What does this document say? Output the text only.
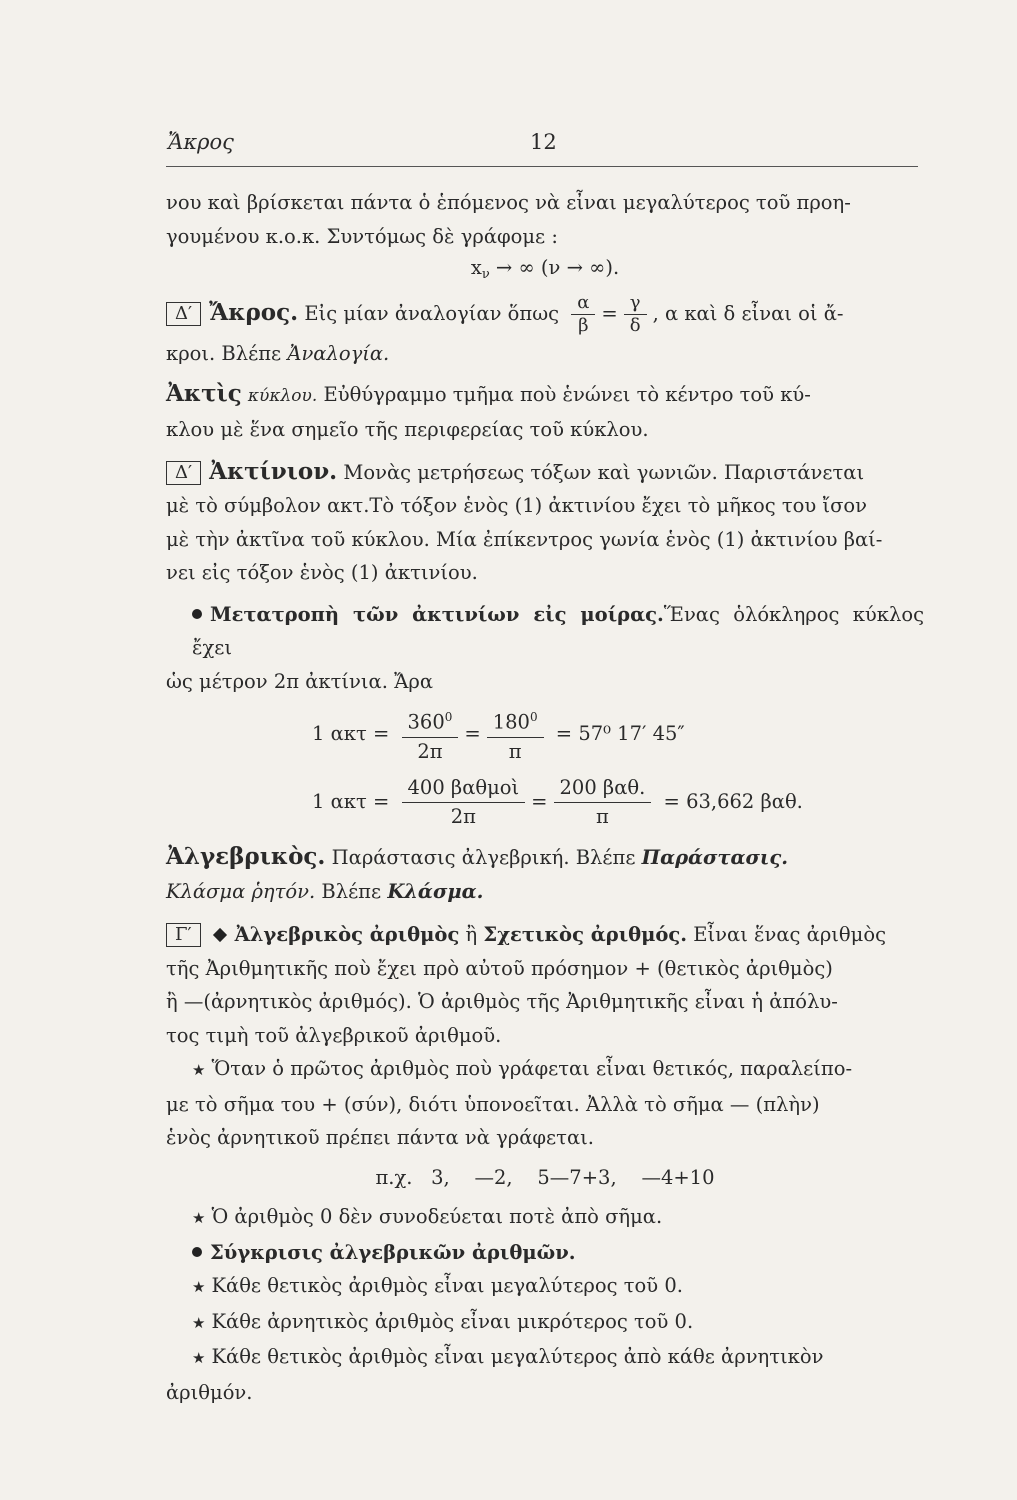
Ἄκρος	12

νου καὶ βρίσκεται πάντα ὁ ἑπόμενος νὰ εἶναι μεγαλύτερος τοῦ προη-

γουμένου κ.ο.κ. Συντόμως δὲ γράφομε :

$x_\nu$ → ∞ (ν → ∞).

Δ′ Ἄκρος. Εἰς μίαν ἀναλογίαν ὅπως $\frac{\alpha}{\beta} = \frac{\gamma}{\delta}$ , α καὶ δ εἶναι οἱ ἄ-

κροι. Βλέπε Ἀναλογία.

Ἀκτὶς κύκλου. Εὐθύγραμμο τμῆμα ποὺ ἑνώνει τὸ κέντρο τοῦ κύ-

κλου μὲ ἕνα σημεῖο τῆς περιφερείας τοῦ κύκλου.

Δ′ Ἀκτίνιον. Μονὰς μετρήσεως τόξων καὶ γωνιῶν. Παριστάνεται

μὲ τὸ σύμβολον ακτ.Τὸ τόξον ἑνὸς (1) ἀκτινίου ἔχει τὸ μῆκος του ἴσον

μὲ τὴν ἀκτῖνα τοῦ κύκλου. Μία ἐπίκεντρος γωνία ἑνὸς (1) ἀκτινίου βαί-

νει εἰς τόξον ἑνὸς (1) ἀκτινίου.

Μετατροπὴ τῶν ἀκτινίων εἰς μοίρας.Ἕνας ὁλόκληρος κύκλος ἔχει

ὡς μέτρον 2π ἀκτίνια. Ἄρα

1 $\alpha\kappa\tau = \frac{360^0}{2\pi} = \frac{180^0}{\pi} = 57^0$ 17′ 45″

1 $\alpha\kappa\tau = \frac{\text{400 βαθμοὶ}}{2\pi} = \frac{\text{200 βαθ.}}{\pi} = 63,662$ βαθ.

Ἀλγεβρικὸς. Παράστασις ἀλγεβρική. Βλέπε Παράστασις.

Κλάσμα ῥητόν. Βλέπε Κλάσμα.

Γ′ Ἀλγεβρικὸς ἀριθμὸς ἢ Σχετικὸς ἀριθμός. Εἶναι ἕνας ἀριθμὸς

τῆς Ἀριθμητικῆς ποὺ ἔχει πρὸ αὐτοῦ πρόσημον + (θετικὸς ἀριθμὸς)

ἢ —(ἀρνητικὸς ἀριθμός). Ὁ ἀριθμὸς τῆς Ἀριθμητικῆς εἶναι ἡ ἀπόλυ-

τος τιμὴ τοῦ ἀλγεβρικοῦ ἀριθμοῦ.

★ Ὅταν ὁ πρῶτος ἀριθμὸς ποὺ γράφεται εἶναι θετικός, παραλείπο-

με τὸ σῆμα του + (σύν), διότι ὑπονοεῖται. Ἀλλὰ τὸ σῆμα — (πλὴν)

ἑνὸς ἀρνητικοῦ πρέπει πάντα νὰ γράφεται.

π.χ.   3,    —2,    5—7+3,    —4+10

★ Ὁ ἀριθμὸς 0 δὲν συνοδεύεται ποτὲ ἀπὸ σῆμα.

Σύγκρισις ἀλγεβρικῶν ἀριθμῶν.

★ Κάθε θετικὸς ἀριθμὸς εἶναι μεγαλύτερος τοῦ 0.

★ Κάθε ἀρνητικὸς ἀριθμὸς εἶναι μικρότερος τοῦ 0.

★ Κάθε θετικὸς ἀριθμὸς εἶναι μεγαλύτερος ἀπὸ κάθε ἀρνητικὸν

ἀριθμόν.
